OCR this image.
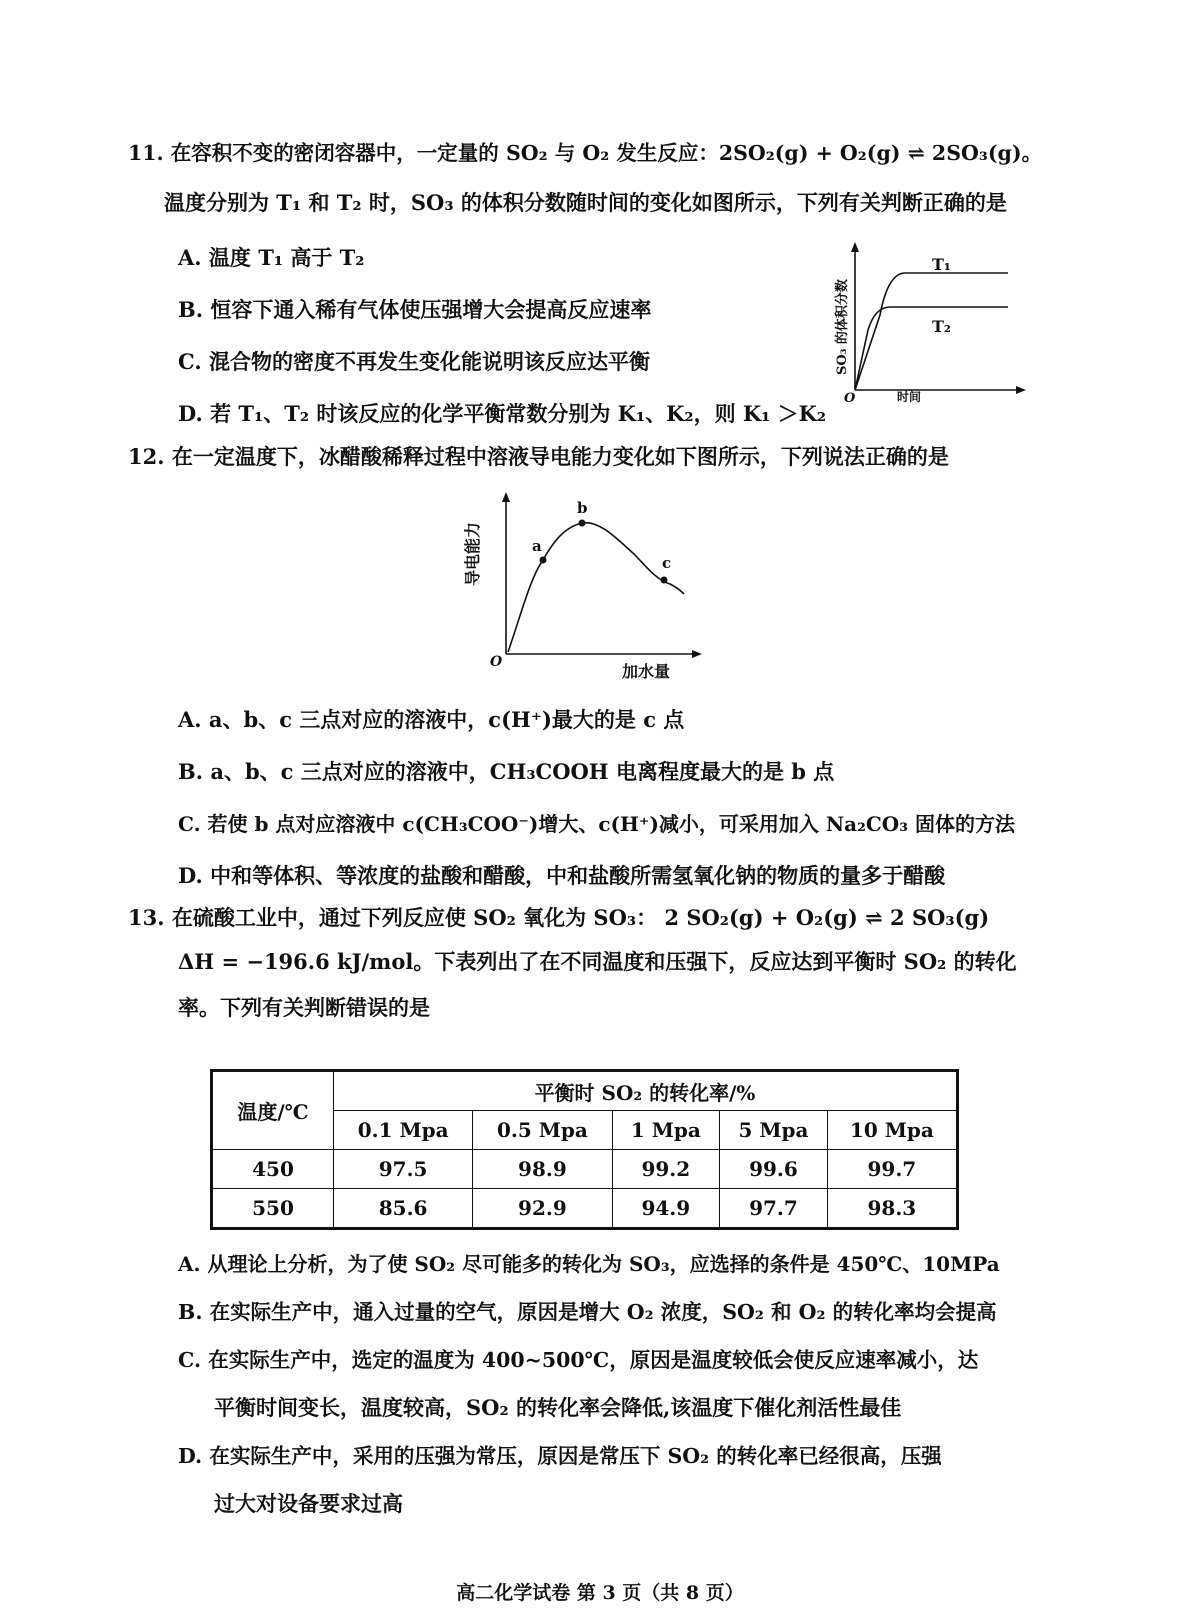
11. 在容积不变的密闭容器中，一定量的 SO₂ 与 O₂ 发生反应：2SO₂(g) + O₂(g) ⇌ 2SO₃(g)。
温度分别为 T₁ 和 T₂ 时，SO₃ 的体积分数随时间的变化如图所示，下列有关判断正确的是
A. 温度 T₁ 高于 T₂
B. 恒容下通入稀有气体使压强增大会提高反应速率
C. 混合物的密度不再发生变化能说明该反应达平衡
D. 若 T₁、T₂ 时该反应的化学平衡常数分别为 K₁、K₂，则 K₁ ＞K₂
T₁
T₂
O	时间
SO₃ 的体积分数
12. 在一定温度下，冰醋酸稀释过程中溶液导电能力变化如下图所示，下列说法正确的是
a
b
c
O	加水量
导电能力
A. a、b、c 三点对应的溶液中，c(H⁺)最大的是 c 点
B. a、b、c 三点对应的溶液中，CH₃COOH 电离程度最大的是 b 点
C. 若使 b 点对应溶液中 c(CH₃COO⁻)增大、c(H⁺)减小，可采用加入 Na₂CO₃ 固体的方法
D. 中和等体积、等浓度的盐酸和醋酸，中和盐酸所需氢氧化钠的物质的量多于醋酸
13. 在硫酸工业中，通过下列反应使 SO₂ 氧化为 SO₃： 2 SO₂(g) + O₂(g) ⇌ 2 SO₃(g)
ΔH = −196.6 kJ/mol。下表列出了在不同温度和压强下，反应达到平衡时 SO₂ 的转化
率。下列有关判断错误的是
温度/℃	平衡时 SO₂ 的转化率/%				
	0.1 Mpa	0.5 Mpa	1 Mpa	5 Mpa	10 Mpa
450	97.5	98.9	99.2	99.6	99.7
550	85.6	92.9	94.9	97.7	98.3
A. 从理论上分析，为了使 SO₂ 尽可能多的转化为 SO₃，应选择的条件是 450℃、10MPa
B. 在实际生产中，通入过量的空气，原因是增大 O₂ 浓度，SO₂ 和 O₂ 的转化率均会提高
C. 在实际生产中，选定的温度为 400~500℃，原因是温度较低会使反应速率减小，达
平衡时间变长，温度较高，SO₂ 的转化率会降低,该温度下催化剂活性最佳
D. 在实际生产中，采用的压强为常压，原因是常压下 SO₂ 的转化率已经很高，压强
过大对设备要求过高
高二化学试卷 第 3 页（共 8 页）
